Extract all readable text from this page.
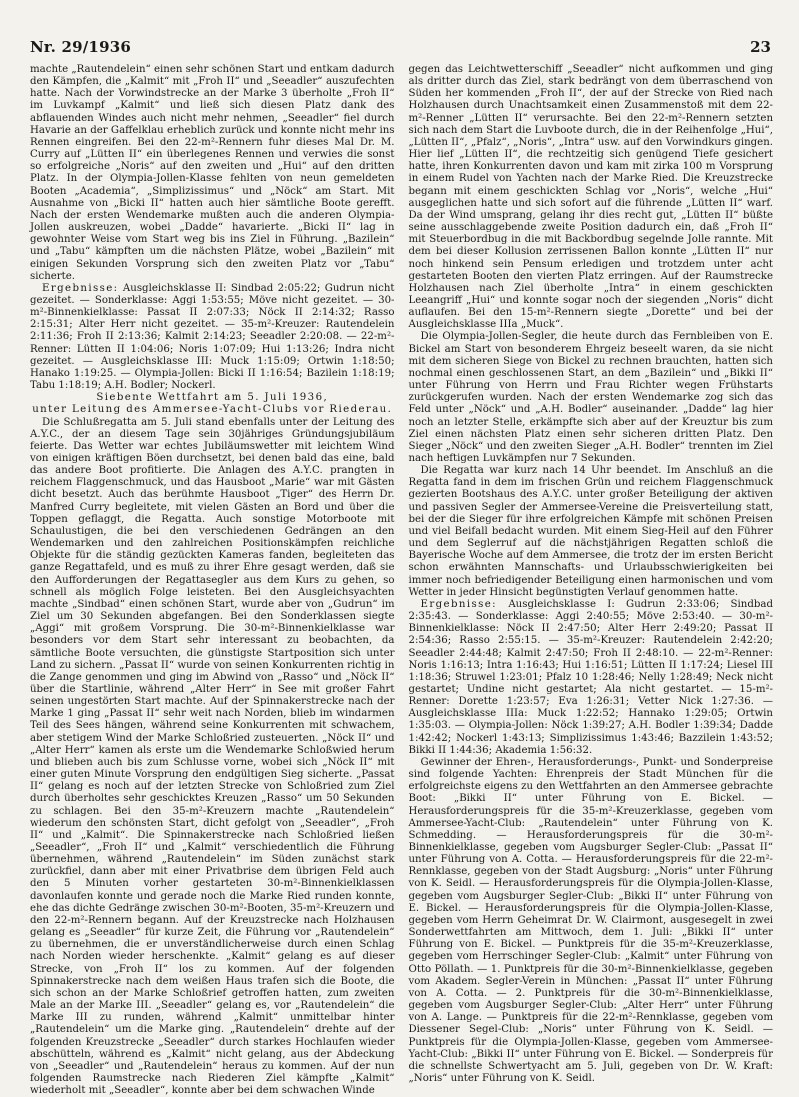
Nr. 29/1936	23

machte „Rautendelein“ einen sehr schönen Start und entkam dadurch den Kämpfen, die „Kalmit“ mit „Froh II“ und „Seeadler“ auszufechten hatte. Nach der Vorwindstrecke an der Marke 3 überholte „Froh II“ im Luvkampf „Kalmit“ und ließ sich diesen Platz dank des abflauenden Windes auch nicht mehr nehmen, „Seeadler“ fiel durch Havarie an der Gaffelklau erheblich zurück und konnte nicht mehr ins Rennen eingreifen. Bei den 22-m²-Rennern fuhr dieses Mal Dr. M. Curry auf „Lütten II“ ein überlegenes Rennen und verwies die sonst so erfolgreiche „Noris“ auf den zweiten und „Hui“ auf den dritten Platz. In der Olympia-Jollen-Klasse fehlten von neun gemeldeten Booten „Academia“, „Simplizissimus“ und „Nöck“ am Start. Mit Ausnahme von „Bicki II“ hatten auch hier sämtliche Boote gerefft. Nach der ersten Wendemarke mußten auch die anderen Olympia-Jollen auskreuzen, wobei „Dadde“ havarierte. „Bicki II“ lag in gewohnter Weise vom Start weg bis ins Ziel in Führung. „Bazilein“ und „Tabu“ kämpften um die nächsten Plätze, wobei „Bazilein“ mit einigen Sekunden Vorsprung sich den zweiten Platz vor „Tabu“ sicherte.

Ergebnisse: Ausgleichsklasse II: Sindbad 2:05:22; Gudrun nicht gezeitet. — Sonderklasse: Aggi 1:53:55; Möve nicht gezeitet. — 30-m²-Binnenkielklasse: Passat II 2:07:33; Nöck II 2:14:32; Rasso 2:15:31; Alter Herr nicht gezeitet. — 35-m²-Kreuzer: Rautendelein 2:11:36; Froh II 2:13:36; Kalmit 2:14:23; Seeadler 2:20:08. — 22-m²-Renner: Lütten II 1:04:06; Noris 1:07:09; Hui 1:13:26; Indra nicht gezeitet. — Ausgleichsklasse III: Muck 1:15:09; Ortwin 1:18:50; Hanako 1:19:25. — Olympia-Jollen: Bicki II 1:16:54; Bazilein 1:18:19; Tabu 1:18:19; A.H. Bodler; Nockerl.

Siebente Wettfahrt am 5. Juli 1936,

unter Leitung des Ammersee-Yacht-Clubs vor Riederau.

Die Schlußregatta am 5. Juli stand ebenfalls unter der Leitung des A.Y.C., der an diesem Tage sein 30jähriges Gründungsjubiläum feierte. Das Wetter war echtes Jubiläumswetter mit leichtem Wind von einigen kräftigen Böen durchsetzt, bei denen bald das eine, bald das andere Boot profitierte. Die Anlagen des A.Y.C. prangten in reichem Flaggenschmuck, und das Hausboot „Marie“ war mit Gästen dicht besetzt. Auch das berühmte Hausboot „Tiger“ des Herrn Dr. Manfred Curry begleitete, mit vielen Gästen an Bord und über die Toppen geflaggt, die Regatta. Auch sonstige Motorboote mit Schaulustigen, die bei den verschiedenen Gedrängen an den Wendemarken und den zahlreichen Positionskämpfen reichliche Objekte für die ständig gezückten Kameras fanden, begleiteten das ganze Regattafeld, und es muß zu ihrer Ehre gesagt werden, daß sie den Aufforderungen der Regattasegler aus dem Kurs zu gehen, so schnell als möglich Folge leisteten. Bei den Ausgleichsyachten machte „Sindbad“ einen schönen Start, wurde aber von „Gudrun“ im Ziel um 30 Sekunden abgefangen. Bei den Sonderklassen siegte „Aggi“ mit großem Vorsprung. Die 30-m²-Binnenkielklasse war besonders vor dem Start sehr interessant zu beobachten, da sämtliche Boote versuchten, die günstigste Startposition sich unter Land zu sichern. „Passat II“ wurde von seinen Konkurrenten richtig in die Zange genommen und ging im Abwind von „Rasso“ und „Nöck II“ über die Startlinie, während „Alter Herr“ in See mit großer Fahrt seinen ungestörten Start machte. Auf der Spinnakerstrecke nach der Marke 1 ging „Passat II“ sehr weit nach Norden, blieb im windarmen Teil des Sees hängen, während seine Konkurrenten mit schwachem, aber stetigem Wind der Marke Schloßried zusteuerten. „Nöck II“ und „Alter Herr“ kamen als erste um die Wendemarke Schloßwied herum und blieben auch bis zum Schlusse vorne, wobei sich „Nöck II“ mit einer guten Minute Vorsprung den endgültigen Sieg sicherte. „Passat II“ gelang es noch auf der letzten Strecke von Schloßried zum Ziel durch überholtes sehr geschicktes Kreuzen „Rasso“ um 50 Sekunden zu schlagen. Bei den 35-m²-Kreuzern machte „Rautendelein“ wiederum den schönsten Start, dicht gefolgt von „Seeadler“, „Froh II“ und „Kalmit“. Die Spinnakerstrecke nach Schloßried ließen „Seeadler“, „Froh II“ und „Kalmit“ verschiedentlich die Führung übernehmen, während „Rautendelein“ im Süden zunächst stark zurückfiel, dann aber mit einer Privatbrise dem übrigen Feld auch den 5 Minuten vorher gestarteten 30-m²-Binnenkielklassen davonlaufen konnte und gerade noch die Marke Ried runden konnte, ehe das dichte Gedränge zwischen 30-m²-Booten, 35-m²-Kreuzern und den 22-m²-Rennern begann. Auf der Kreuzstrecke nach Holzhausen gelang es „Seeadler“ für kurze Zeit, die Führung vor „Rautendelein“ zu übernehmen, die er unverständlicherweise durch einen Schlag nach Norden wieder herschenkte. „Kalmit“ gelang es auf dieser Strecke, von „Froh II“ los zu kommen. Auf der folgenden Spinnakerstrecke nach dem weißen Haus trafen sich die Boote, die sich schon an der Marke Schloßrief getroffen hatten, zum zweiten Male an der Marke III. „Seeadler“ gelang es, vor „Rautendelein“ die Marke III zu runden, während „Kalmit“ unmittelbar hinter „Rautendelein“ um die Marke ging. „Rautendelein“ drehte auf der folgenden Kreuzstrecke „Seeadler“ durch starkes Hochlaufen wieder abschütteln, während es „Kalmit“ nicht gelang, aus der Abdeckung von „Seeadler“ und „Rautendelein“ heraus zu kommen. Auf der nun folgenden Raumstrecke nach Riederen Ziel kämpfte „Kalmit“ wiederholt mit „Seeadler“, konnte aber bei dem schwachen Winde

gegen das Leichtwetterschiff „Seeadler“ nicht aufkommen und ging als dritter durch das Ziel, stark bedrängt von dem überraschend von Süden her kommenden „Froh II“, der auf der Strecke von Ried nach Holzhausen durch Unachtsamkeit einen Zusammenstoß mit dem 22-m²-Renner „Lütten II“ verursachte. Bei den 22-m²-Rennern setzten sich nach dem Start die Luvboote durch, die in der Reihenfolge „Hui“, „Lütten II“, „Pfalz“, „Noris“, „Intra“ usw. auf den Vorwindkurs gingen. Hier lief „Lütten II“, die rechtzeitig sich genügend Tiefe gesichert hatte, ihren Konkurrenten davon und kam mit zirka 100 m Vorsprung in einem Rudel von Yachten nach der Marke Ried. Die Kreuzstrecke begann mit einem geschickten Schlag vor „Noris“, welche „Hui“ ausgeglichen hatte und sich sofort auf die führende „Lütten II“ warf. Da der Wind umsprang, gelang ihr dies recht gut, „Lütten II“ büßte seine ausschlaggebende zweite Position dadurch ein, daß „Froh II“ mit Steuerbordbug in die mit Backbordbug segelnde Jolle rannte. Mit dem bei dieser Kollusion zerrissenen Ballon konnte „Lütten II“ nur noch hinkend sein Pensum erledigen und trotzdem unter acht gestarteten Booten den vierten Platz erringen. Auf der Raumstrecke Holzhausen nach Ziel überholte „Intra“ in einem geschickten Leeangriff „Hui“ und konnte sogar noch der siegenden „Noris“ dicht auflaufen. Bei den 15-m²-Rennern siegte „Dorette“ und bei der Ausgleichsklasse IIIa „Muck“.

Die Olympia-Jollen-Segler, die heute durch das Fernbleiben von E. Bickel am Start von besonderem Ehrgeiz beseelt waren, da sie nicht mit dem sicheren Siege von Bickel zu rechnen brauchten, hatten sich nochmal einen geschlossenen Start, an dem „Bazilein“ und „Bikki II“ unter Führung von Herrn und Frau Richter wegen Frühstarts zurückgerufen wurden. Nach der ersten Wendemarke zog sich das Feld unter „Nöck“ und „A.H. Bodler“ auseinander. „Dadde“ lag hier noch an letzter Stelle, erkämpfte sich aber auf der Kreuztur bis zum Ziel einen nächsten Platz einen sehr sicheren dritten Platz. Den Sieger „Nöck“ und den zweiten Sieger „A.H. Bodler“ trennten im Ziel nach heftigen Luvkämpfen nur 7 Sekunden.

Die Regatta war kurz nach 14 Uhr beendet. Im Anschluß an die Regatta fand in dem im frischen Grün und reichem Flaggenschmuck gezierten Bootshaus des A.Y.C. unter großer Beteiligung der aktiven und passiven Segler der Ammersee-Vereine die Preisverteilung statt, bei der die Sieger für ihre erfolgreichen Kämpfe mit schönen Preisen und viel Beifall bedacht wurden. Mit einem Sieg-Heil auf den Führer und dem Seglerruf auf die nächstjährigen Regatten schloß die Bayerische Woche auf dem Ammersee, die trotz der im ersten Bericht schon erwähnten Mannschafts- und Urlaubsschwierigkeiten bei immer noch befriedigender Beteiligung einen harmonischen und vom Wetter in jeder Hinsicht begünstigten Verlauf genommen hatte.

Ergebnisse: Ausgleichsklasse I: Gudrun 2:33:06; Sindbad 2:35:43. — Sonderklasse: Aggi 2:40:55; Möve 2:53:40. — 30-m²-Binnenkielklasse: Nöck II 2:47:50; Alter Herr 2:49:20; Passat II 2:54:36; Rasso 2:55:15. — 35-m²-Kreuzer: Rautendelein 2:42:20; Seeadler 2:44:48; Kalmit 2:47:50; Froh II 2:48:10. — 22-m²-Renner: Noris 1:16:13; Intra 1:16:43; Hui 1:16:51; Lütten II 1:17:24; Liesel III 1:18:36; Struwel 1:23:01; Pfalz 10 1:28:46; Nelly 1:28:49; Neck nicht gestartet; Undine nicht gestartet; Ala nicht gestartet. — 15-m²-Renner: Dorette 1:23:57; Eva 1:26:31; Vetter Nick 1:27:36. — Ausgleichsklasse IIIa: Muck 1:22:52; Hannako 1:29:05; Ortwin 1:35:03. — Olympia-Jollen: Nöck 1:39:27; A.H. Bodler 1:39:34; Dadde 1:42:42; Nockerl 1:43:13; Simplizissimus 1:43:46; Bazzilein 1:43:52; Bikki II 1:44:36; Akademia 1:56:32.

Gewinner der Ehren-, Herausforderungs-, Punkt- und Sonderpreise sind folgende Yachten: Ehrenpreis der Stadt München für die erfolgreichste eigens zu den Wettfahrten an den Ammersee gebrachte Boot: „Bikki II“ unter Führung von E. Bickel. — Herausforderungspreis für die 35-m²-Kreuzerklasse, gegeben vom Ammersee-Yacht-Club: „Rautendelein“ unter Führung von K. Schmedding. — Herausforderungspreis für die 30-m²-Binnenkielklasse, gegeben vom Augsburger Segler-Club: „Passat II“ unter Führung von A. Cotta. — Herausforderungspreis für die 22-m²-Rennklasse, gegeben von der Stadt Augsburg: „Noris“ unter Führung von K. Seidl. — Herausforderungspreis für die Olympia-Jollen-Klasse, gegeben vom Augsburger Segler-Club: „Bikki II“ unter Führung von E. Bickel. — Herausforderungspreis für die Olympia-Jollen-Klasse, gegeben vom Herrn Geheimrat Dr. W. Clairmont, ausgesegelt in zwei Sonderwettfahrten am Mittwoch, dem 1. Juli: „Bikki II“ unter Führung von E. Bickel. — Punktpreis für die 35-m²-Kreuzerklasse, gegeben vom Herrschinger Segler-Club: „Kalmit“ unter Führung von Otto Pöllath. — 1. Punktpreis für die 30-m²-Binnenkielklasse, gegeben vom Akadem. Segler-Verein in München: „Passat II“ unter Führung von A. Cotta. — 2. Punktpreis für die 30-m²-Binnenkielklasse, gegeben vom Augsburger Segler-Club: „Alter Herr“ unter Führung von A. Lange. — Punktpreis für die 22-m²-Rennklasse, gegeben vom Diessener Segel-Club: „Noris“ unter Führung von K. Seidl. — Punktpreis für die Olympia-Jollen-Klasse, gegeben vom Ammersee-Yacht-Club: „Bikki II“ unter Führung von E. Bickel. — Sonderpreis für die schnellste Schwertyacht am 5. Juli, gegeben von Dr. W. Kraft: „Noris“ unter Führung von K. Seidl.
